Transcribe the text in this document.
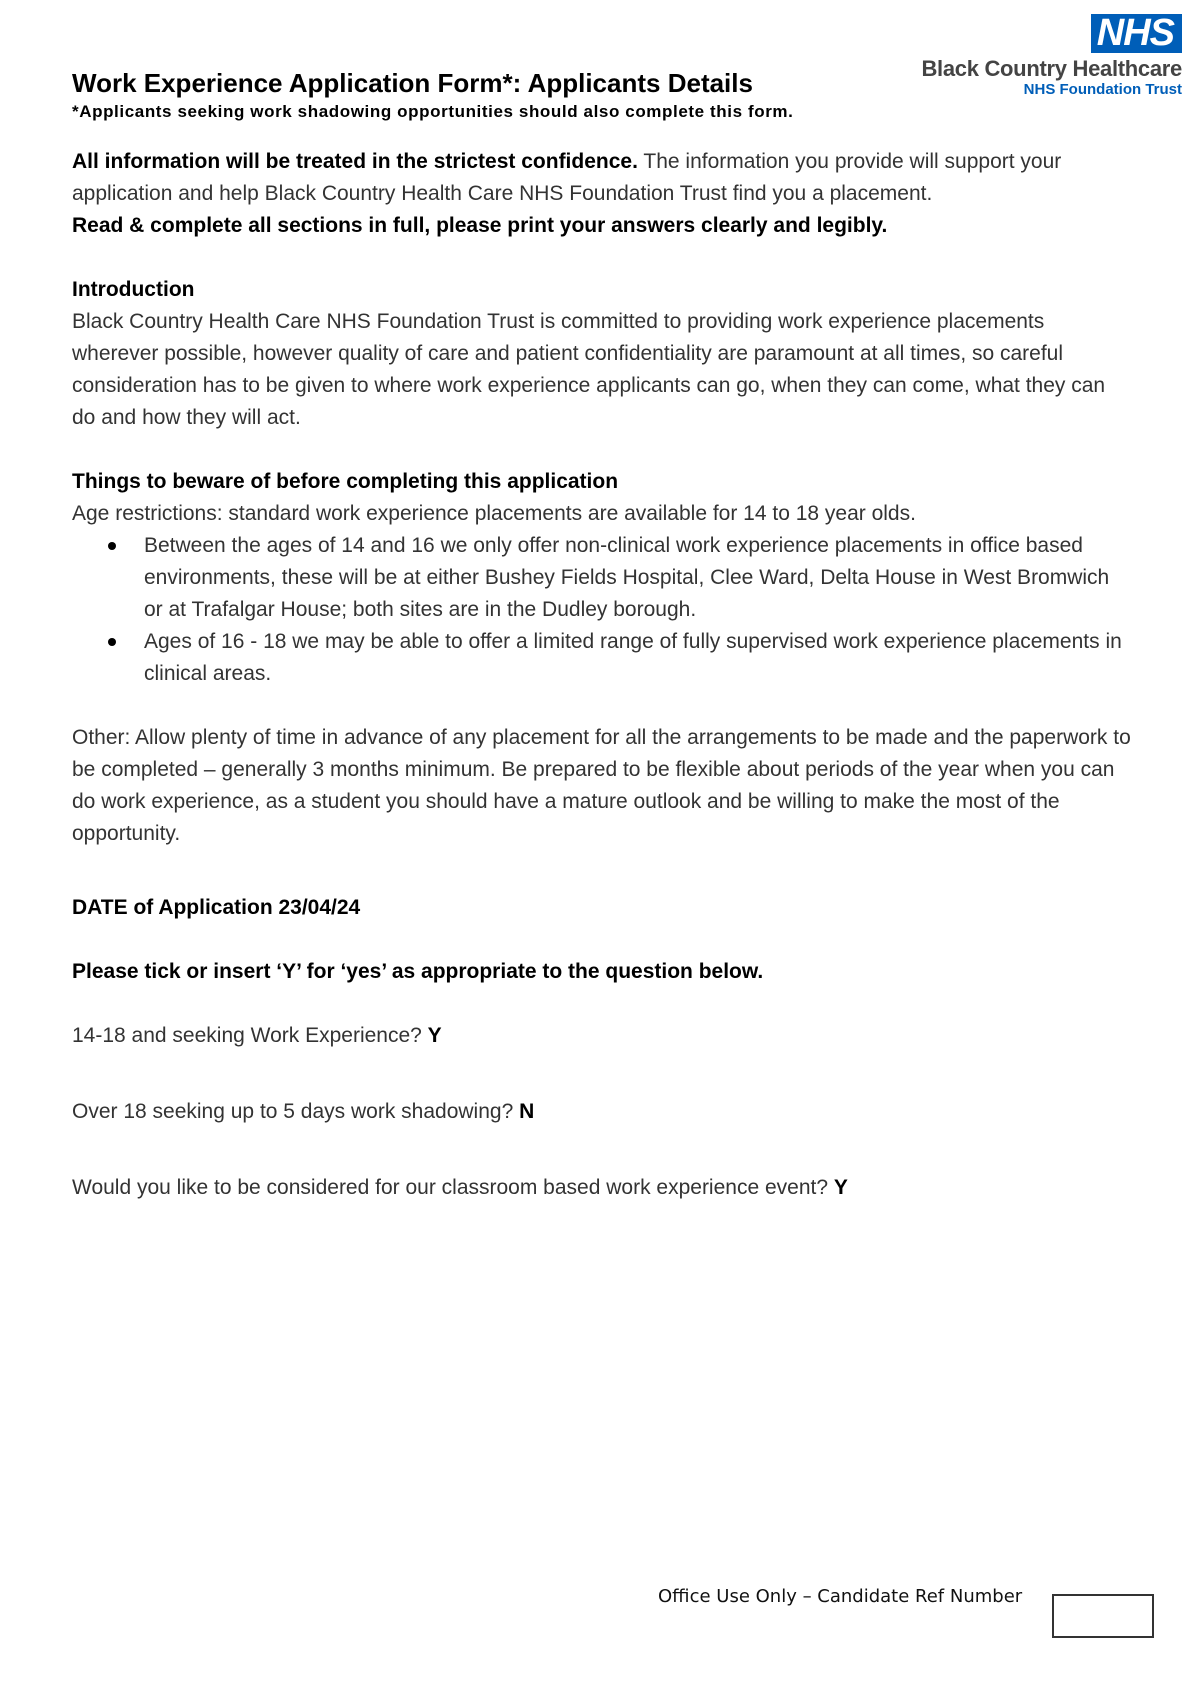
NHS
Black Country Healthcare
NHS Foundation Trust
Work Experience Application Form*: Applicants Details
*Applicants seeking work shadowing opportunities should also complete this form.

All information will be treated in the strictest confidence. The information you provide will support your application and help Black Country Health Care NHS Foundation Trust find you a placement.

Read & complete all sections in full, please print your answers clearly and legibly.

Introduction

Black Country Health Care NHS Foundation Trust is committed to providing work experience placements wherever possible, however quality of care and patient confidentiality are paramount at all times, so careful consideration has to be given to where work experience applicants can go, when they can come, what they can do and how they will act.

Things to beware of before completing this application

Age restrictions: standard work experience placements are available for 14 to 18 year olds.

Between the ages of 14 and 16 we only offer non-clinical work experience placements in office based environments, these will be at either Bushey Fields Hospital, Clee Ward, Delta House in West Bromwich or at Trafalgar House; both sites are in the Dudley borough.
Ages of 16 - 18 we may be able to offer a limited range of fully supervised work experience placements in clinical areas.

Other: Allow plenty of time in advance of any placement for all the arrangements to be made and the paperwork to be completed – generally 3 months minimum. Be prepared to be flexible about periods of the year when you can do work experience, as a student you should have a mature outlook and be willing to make the most of the opportunity.

DATE of Application 23/04/24

Please tick or insert ‘Y’ for ‘yes’ as appropriate to the question below.

14-18 and seeking Work Experience? Y

Over 18 seeking up to 5 days work shadowing? N

Would you like to be considered for our classroom based work experience event? Y

Office Use Only – Candidate Ref Number
